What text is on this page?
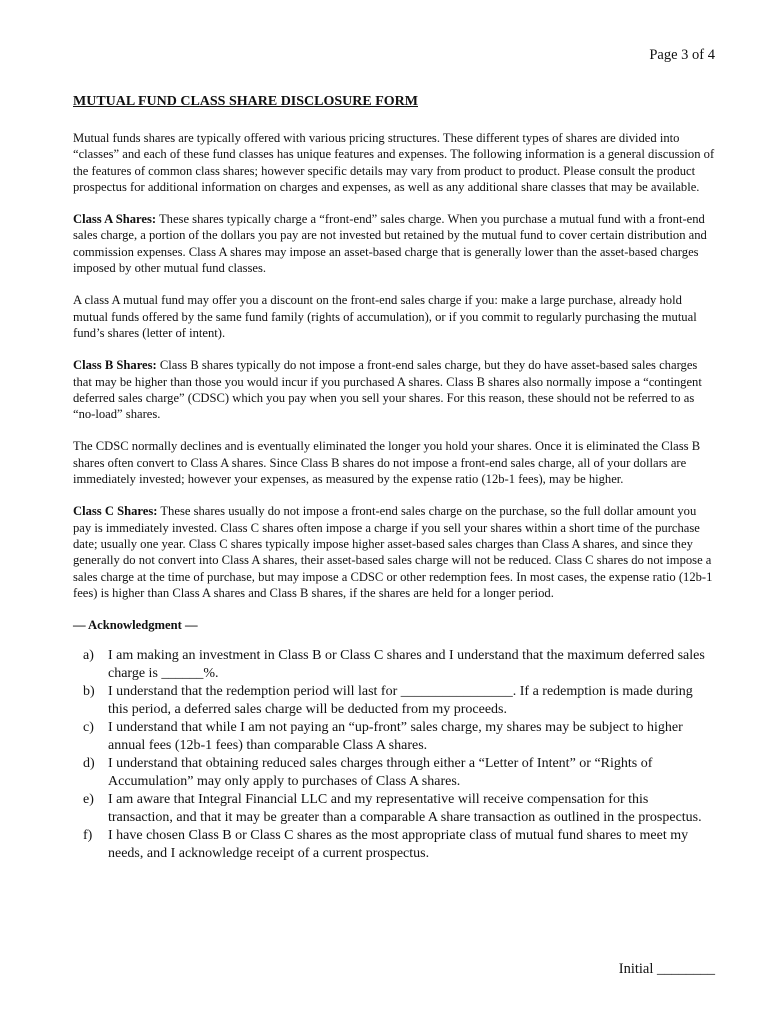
Page 3 of 4
MUTUAL FUND CLASS SHARE DISCLOSURE FORM

Mutual funds shares are typically offered with various pricing structures. These different types of shares are divided into “classes” and each of these fund classes has unique features and expenses. The following information is a general discussion of the features of common class shares; however specific details may vary from product to product. Please consult the product prospectus for additional information on charges and expenses, as well as any additional share classes that may be available.

Class A Shares: These shares typically charge a “front-end” sales charge. When you purchase a mutual fund with a front-end sales charge, a portion of the dollars you pay are not invested but retained by the mutual fund to cover certain distribution and commission expenses. Class A shares may impose an asset-based charge that is generally lower than the asset-based charges imposed by other mutual fund classes.

A class A mutual fund may offer you a discount on the front-end sales charge if you: make a large purchase, already hold mutual funds offered by the same fund family (rights of accumulation), or if you commit to regularly purchasing the mutual fund’s shares (letter of intent).

Class B Shares: Class B shares typically do not impose a front-end sales charge, but they do have asset-based sales charges that may be higher than those you would incur if you purchased A shares. Class B shares also normally impose a “contingent deferred sales charge” (CDSC) which you pay when you sell your shares. For this reason, these should not be referred to as “no-load” shares.

The CDSC normally declines and is eventually eliminated the longer you hold your shares. Once it is eliminated the Class B shares often convert to Class A shares. Since Class B shares do not impose a front-end sales charge, all of your dollars are immediately invested; however your expenses, as measured by the expense ratio (12b-1 fees), may be higher.

Class C Shares: These shares usually do not impose a front-end sales charge on the purchase, so the full dollar amount you pay is immediately invested. Class C shares often impose a charge if you sell your shares within a short time of the purchase date; usually one year. Class C shares typically impose higher asset-based sales charges than Class A shares, and since they generally do not convert into Class A shares, their asset-based sales charge will not be reduced. Class C shares do not impose a sales charge at the time of purchase, but may impose a CDSC or other redemption fees. In most cases, the expense ratio (12b-1 fees) is higher than Class A shares and Class B shares, if the shares are held for a longer period.

— Acknowledgment —
a)	I am making an investment in Class B or Class C shares and I understand that the maximum deferred sales charge is ______%.
b) I understand that the redemption period will last for ________________. If a redemption is made during this period, a deferred sales charge will be deducted from my proceeds.
c)	I understand that while I am not paying an “up-front” sales charge, my shares may be subject to higher annual fees (12b-1 fees) than comparable Class A shares.
d) I understand that obtaining reduced sales charges through either a “Letter of Intent” or “Rights of Accumulation” may only apply to purchases of Class A shares.
e)	I am aware that Integral Financial LLC and my representative will receive compensation for this transaction, and that it may be greater than a comparable A share transaction as outlined in the prospectus.
f)	I have chosen Class B or Class C shares as the most appropriate class of mutual fund shares to meet my needs, and I acknowledge receipt of a current prospectus.
Initial ________
